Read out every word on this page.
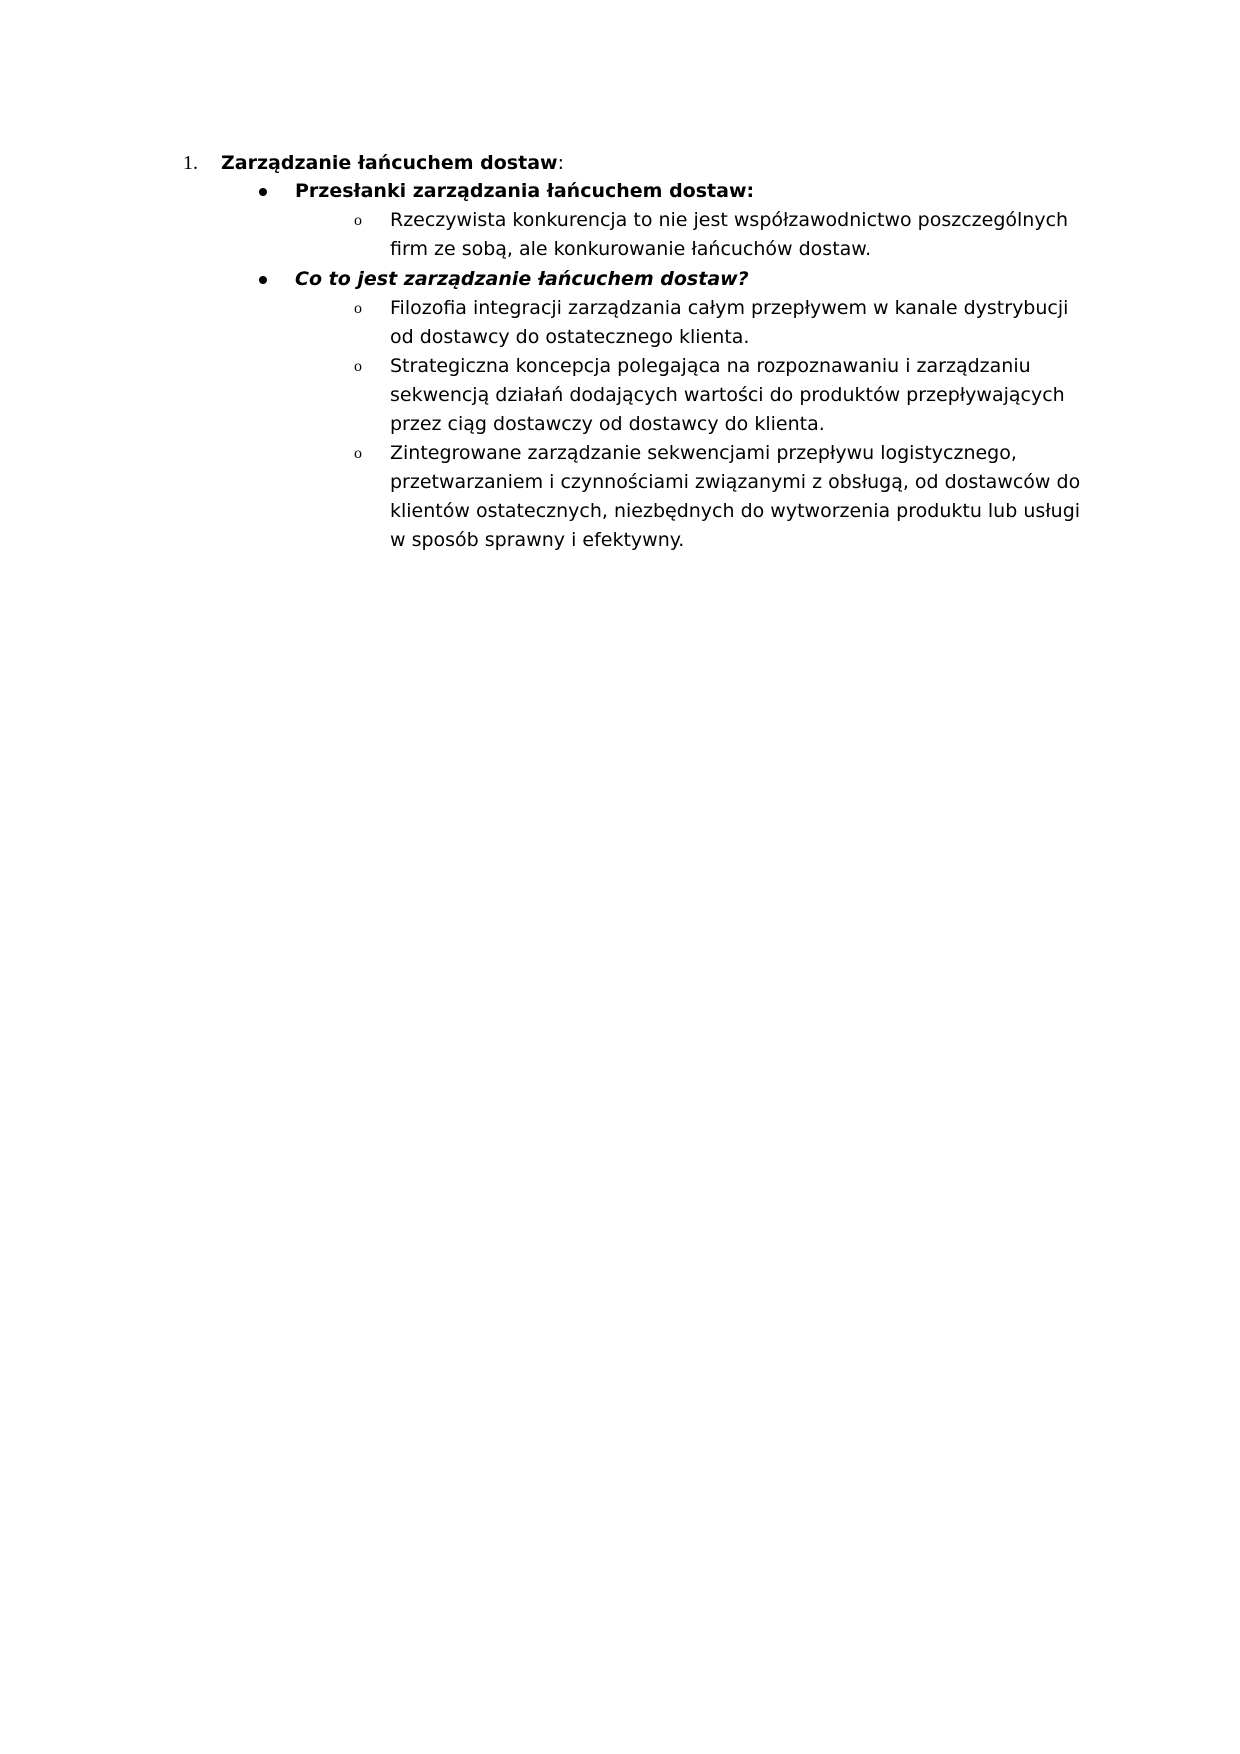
1. Zarządzanie łańcuchem dostaw:
Przesłanki zarządzania łańcuchem dostaw:
o Rzeczywista konkurencja to nie jest współzawodnictwo poszczególnych
firm ze sobą, ale konkurowanie łańcuchów dostaw.
Co to jest zarządzanie łańcuchem dostaw?
o Filozofia integracji zarządzania całym przepływem w kanale dystrybucji
od dostawcy do ostatecznego klienta.
o Strategiczna koncepcja polegająca na rozpoznawaniu i zarządzaniu
sekwencją działań dodających wartości do produktów przepływających
przez ciąg dostawczy od dostawcy do klienta.
o Zintegrowane zarządzanie sekwencjami przepływu logistycznego,
przetwarzaniem i czynnościami związanymi z obsługą, od dostawców do
klientów ostatecznych, niezbędnych do wytworzenia produktu lub usługi
w sposób sprawny i efektywny.
